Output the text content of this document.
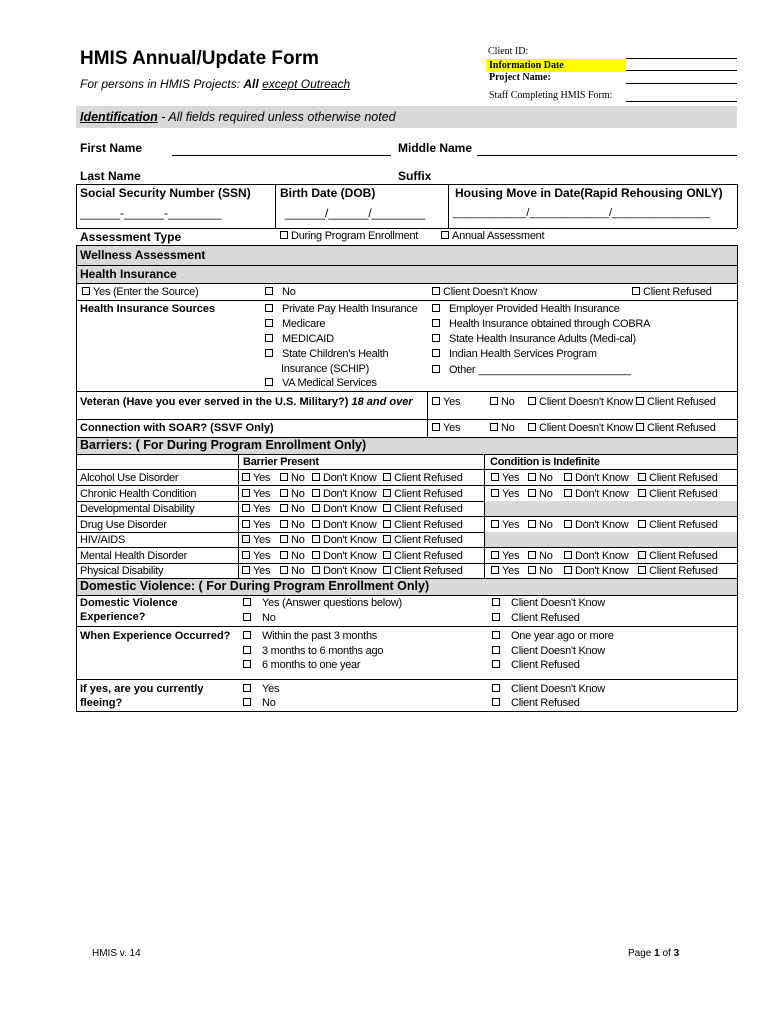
HMIS Annual/Update Form
For persons in HMIS Projects: All except Outreach
Client ID:
Information Date
Project Name:
Staff Completing HMIS Form:
Identification - All fields required unless otherwise noted
First Name	Middle Name
Last Name	Suffix
Social Security Number (SSN)
______-______-________
Birth Date (DOB)
______/______/________
Housing Move in Date(Rapid Rehousing ONLY)
____________/_____________/________________
Assessment Type	During Program Enrollment	Annual Assessment
Wellness Assessment
Health Insurance
Yes (Enter the Source)	No	Client Doesn't Know	Client Refused
Health Insurance Sources	Private Pay Health Insurance
Medicare
MEDICAID
State Children's Health
Insurance (SCHIP)
VA Medical Services
Employer Provided Health Insurance
Health Insurance obtained through COBRA
State Health Insurance Adults (Medi-cal)
Indian Health Services Program
Other __________________________
Veteran (Have you ever served in the U.S. Military?) 18 and over	Yes	No	Client Doesn't Know	Client Refused
Connection with SOAR? (SSVF Only)	Yes	No	Client Doesn't Know	Client Refused
Barriers: ( For During Program Enrollment Only)
Barrier Present	Condition is Indefinite
Alcohol Use Disorder	Yes	No	Don't Know	Client Refused	Yes	No	Don't Know	Client Refused
Chronic Health Condition	Yes	No	Don't Know	Client Refused	Yes	No	Don't Know	Client Refused
Developmental Disability	Yes	No	Don't Know	Client Refused
Drug Use Disorder	Yes	No	Don't Know	Client Refused	Yes	No	Don't Know	Client Refused
HIV/AIDS	Yes	No	Don't Know	Client Refused
Mental Health Disorder	Yes	No	Don't Know	Client Refused	Yes	No	Don't Know	Client Refused
Physical Disability	Yes	No	Don't Know	Client Refused	Yes	No	Don't Know	Client Refused
Domestic Violence: ( For During Program Enrollment Only)
Domestic Violence
Experience?
Yes (Answer questions below)
No
Client Doesn't Know
Client Refused
When Experience Occurred?	Within the past 3 months
3 months to 6 months ago
6 months to one year
One year ago or more
Client Doesn't Know
Client Refused
If yes, are you currently
fleeing?
Yes
No
Client Doesn't Know
Client Refused
HMIS v. 14	Page 1 of 3
